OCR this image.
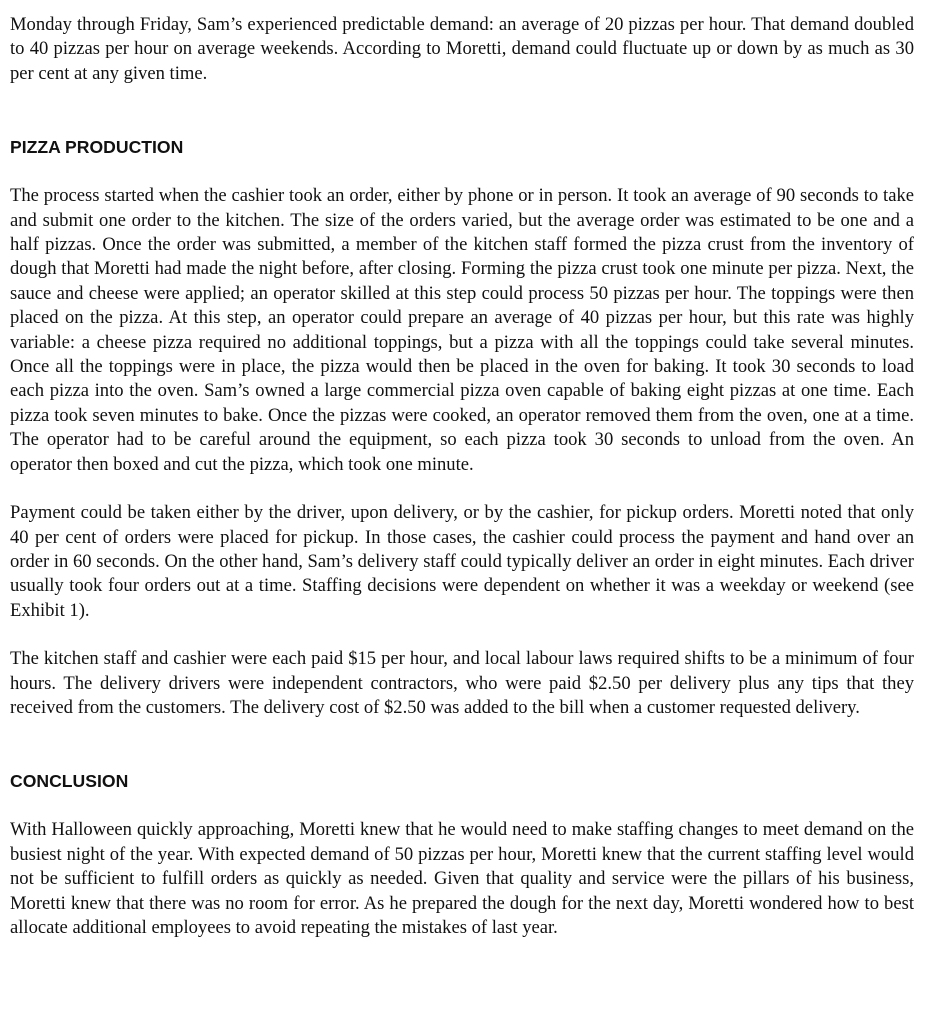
Monday through Friday, Sam’s experienced predictable demand: an average of 20 pizzas per hour. That demand doubled to 40 pizzas per hour on average weekends. According to Moretti, demand could fluctuate up or down by as much as 30 per cent at any given time.

PIZZA PRODUCTION

The process started when the cashier took an order, either by phone or in person. It took an average of 90 seconds to take and submit one order to the kitchen. The size of the orders varied, but the average order was estimated to be one and a half pizzas. Once the order was submitted, a member of the kitchen staff formed the pizza crust from the inventory of dough that Moretti had made the night before, after closing. Forming the pizza crust took one minute per pizza. Next, the sauce and cheese were applied; an operator skilled at this step could process 50 pizzas per hour. The toppings were then placed on the pizza. At this step, an operator could prepare an average of 40 pizzas per hour, but this rate was highly variable: a cheese pizza required no additional toppings, but a pizza with all the toppings could take several minutes. Once all the toppings were in place, the pizza would then be placed in the oven for baking. It took 30 seconds to load each pizza into the oven. Sam’s owned a large commercial pizza oven capable of baking eight pizzas at one time. Each pizza took seven minutes to bake. Once the pizzas were cooked, an operator removed them from the oven, one at a time. The operator had to be careful around the equipment, so each pizza took 30 seconds to unload from the oven. An operator then boxed and cut the pizza, which took one minute.

Payment could be taken either by the driver, upon delivery, or by the cashier, for pickup orders. Moretti noted that only 40 per cent of orders were placed for pickup. In those cases, the cashier could process the payment and hand over an order in 60 seconds. On the other hand, Sam’s delivery staff could typically deliver an order in eight minutes. Each driver usually took four orders out at a time. Staffing decisions were dependent on whether it was a weekday or weekend (see Exhibit 1).

The kitchen staff and cashier were each paid $15 per hour, and local labour laws required shifts to be a minimum of four hours. The delivery drivers were independent contractors, who were paid $2.50 per delivery plus any tips that they received from the customers. The delivery cost of $2.50 was added to the bill when a customer requested delivery.

CONCLUSION

With Halloween quickly approaching, Moretti knew that he would need to make staffing changes to meet demand on the busiest night of the year. With expected demand of 50 pizzas per hour, Moretti knew that the current staffing level would not be sufficient to fulfill orders as quickly as needed. Given that quality and service were the pillars of his business, Moretti knew that there was no room for error. As he prepared the dough for the next day, Moretti wondered how to best allocate additional employees to avoid repeating the mistakes of last year.
